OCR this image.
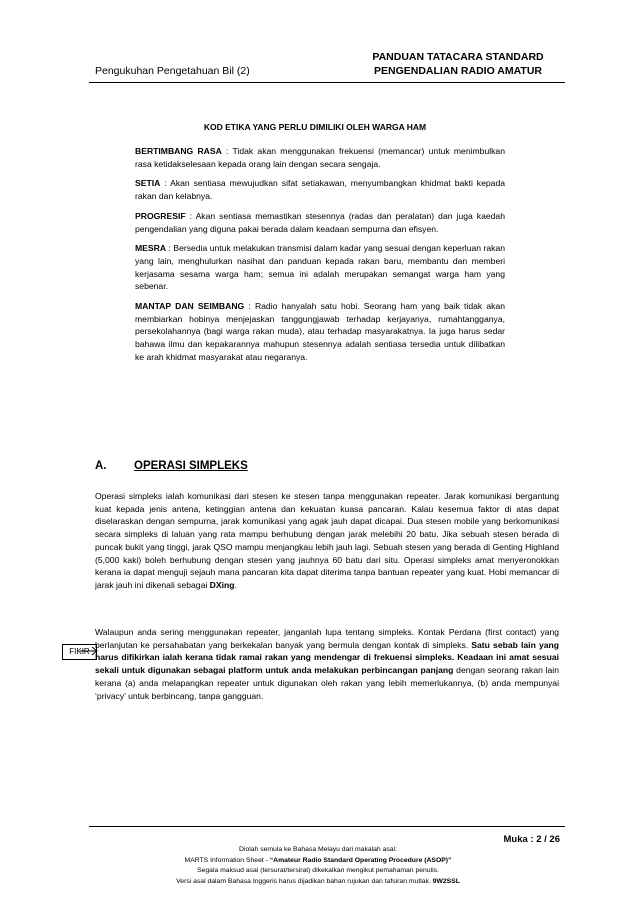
Pengukuhan Pengetahuan Bil (2)
PANDUAN TATACARA STANDARD
PENGENDALIAN RADIO AMATUR
KOD ETIKA YANG PERLU DIMILIKI OLEH WARGA HAM

BERTIMBANG RASA : Tidak akan menggunakan frekuensi (memancar) untuk menimbulkan rasa ketidakselesaan kepada orang lain dengan secara sengaja.

SETIA : Akan sentiasa mewujudkan sifat setiakawan, menyumbangkan khidmat bakti kepada rakan dan kelabnya.

PROGRESIF : Akan sentiasa memastikan stesennya (radas dan peralatan) dan juga kaedah pengendalian yang diguna pakai berada dalam keadaan sempurna dan efisyen.

MESRA : Bersedia untuk melakukan transmisi dalam kadar yang sesuai dengan keperluan rakan yang lain, menghulurkan nasihat dan panduan kepada rakan baru, membantu dan memberi kerjasama sesama warga ham; semua ini adalah merupakan semangat warga ham yang sebenar.

MANTAP DAN SEIMBANG : Radio hanyalah satu hobi. Seorang ham yang baik tidak akan membiarkan hobinya menjejaskan tanggungjawab terhadap kerjayanya, rumahtangganya, persekolahannya (bagi warga rakan muda), atau terhadap masyarakatnya. Ia juga harus sedar bahawa ilmu dan kepakarannya mahupun stesennya adalah sentiasa tersedia untuk dilibatkan ke arah khidmat masyarakat atau negaranya.

A. OPERASI SIMPLEKS

Operasi simpleks ialah komunikasi dari stesen ke stesen tanpa menggunakan repeater. Jarak komunikasi bergantung kuat kepada jenis antena, ketinggian antena dan kekuatan kuasa pancaran. Kalau kesemua faktor di atas dapat diselaraskan dengan sempurna, jarak komunikasi yang agak jauh dapat dicapai. Dua stesen mobile yang berkomunikasi secara simpleks di laluan yang rata mampu berhubung dengan jarak melebihi 20 batu. Jika sebuah stesen berada di puncak bukit yang tinggi, jarak QSO mampu menjangkau lebih jauh lagi. Sebuah stesen yang berada di Genting Highland (5,000 kaki) boleh berhubung dengan stesen yang jauhnya 60 batu dari situ. Operasi simpleks amat menyeronokkan kerana ia dapat menguji sejauh mana pancaran kita dapat diterima tanpa bantuan repeater yang kuat. Hobi memancar di jarak jauh ini dikenali sebagai DXing.

FIKIR

Walaupun anda sering menggunakan repeater, janganlah lupa tentang simpleks. Kontak Perdana (first contact) yang berlanjutan ke persahabatan yang berkekalan banyak yang bermula dengan kontak di simpleks. Satu sebab lain yang harus difikirkan ialah kerana tidak ramai rakan yang mendengar di frekuensi simpleks. Keadaan ini amat sesuai sekali untuk digunakan sebagai platform untuk anda melakukan perbincangan panjang dengan seorang rakan lain kerana (a) anda melapangkan repeater untuk digunakan oleh rakan yang lebih memerlukannya, (b) anda mempunyai ‘privacy’ untuk berbincang, tanpa gangguan.

Muka : 2 / 26
Diolah semula ke Bahasa Melayu dari makalah asal:
MARTS Information Sheet - “Amateur Radio Standard Operating Procedure (ASOP)”
Segala maksud asal (tersurat/tersirat) dikekalkan mengikut pemahaman penulis.
Versi asal dalam Bahasa Inggeris harus dijadikan bahan rujukan dan tafsiran mutlak. 9W2SSL
